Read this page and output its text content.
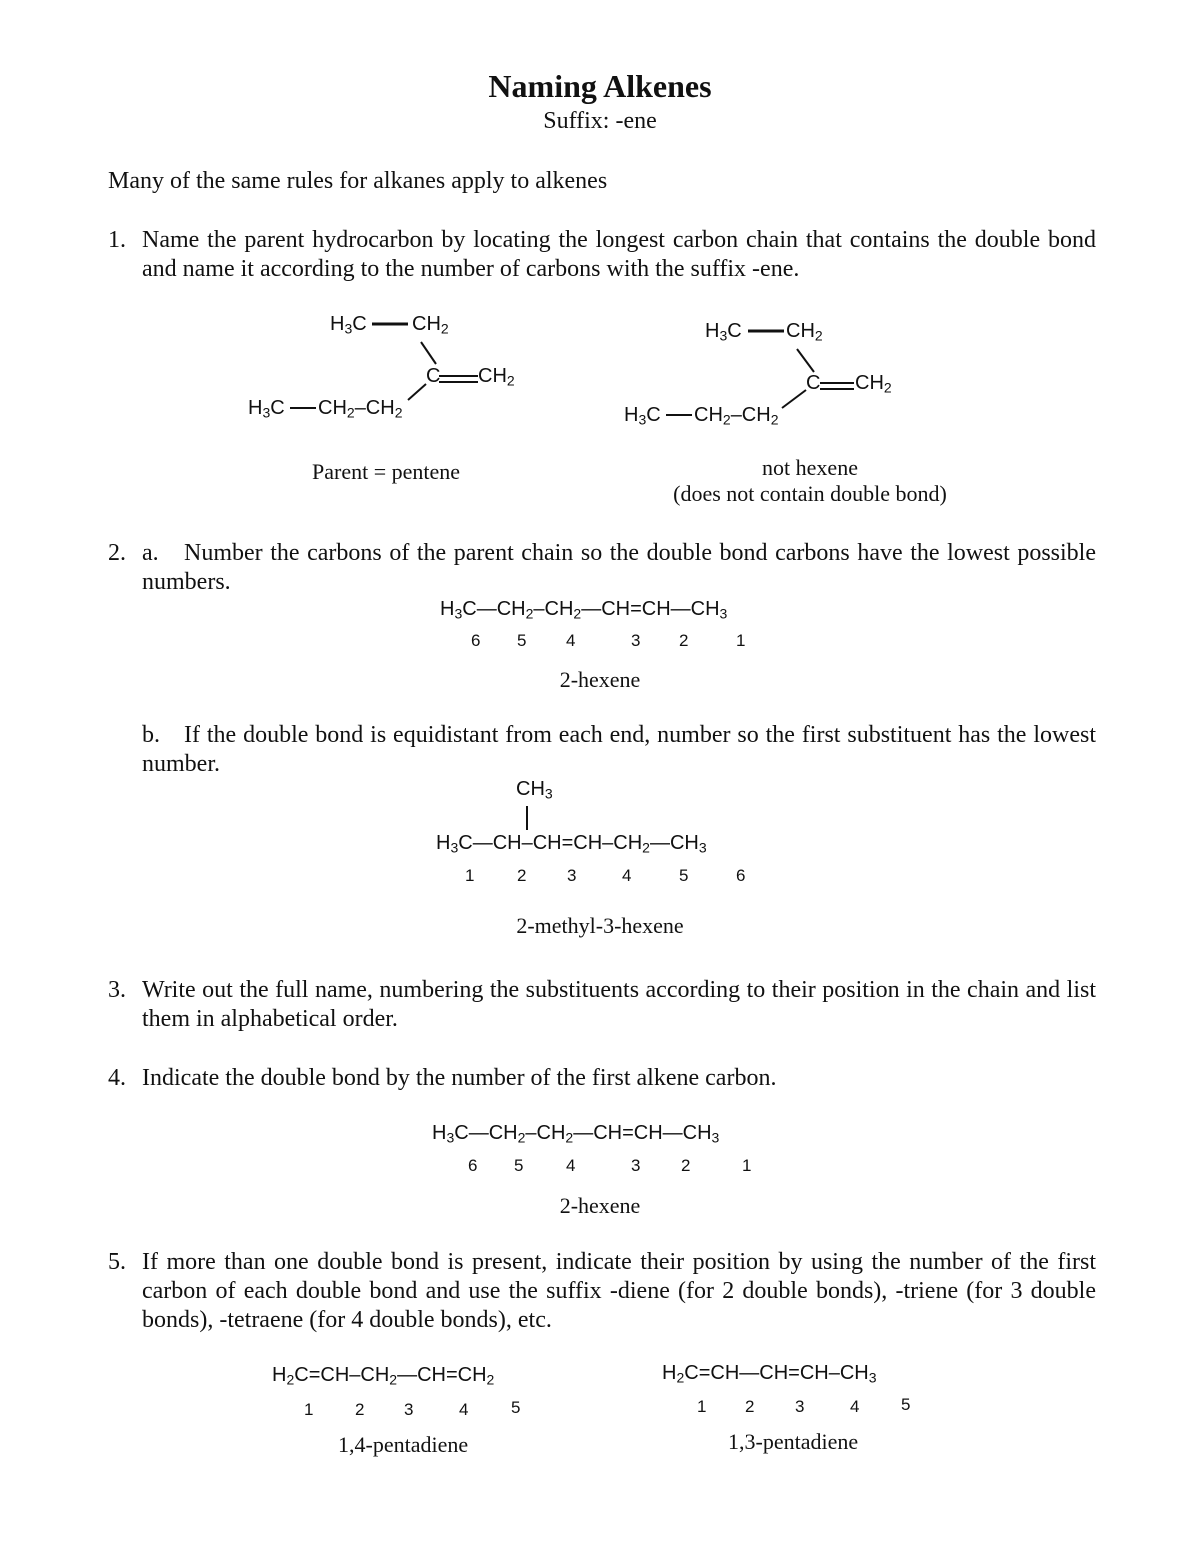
Naming Alkenes
Suffix: -ene
Many of the same rules for alkanes apply to alkenes
1. Name the parent hydrocarbon by locating the longest carbon chain that contains the double bond and name it according to the number of carbons with the suffix -ene.
$H_3C$ $CH_2$
C $CH_2$
$H_3C$ $CH_2-CH_2$
Parent = pentene
$H_3C$ $CH_2$
C $CH_2$
$H_3C$ $CH_2-CH_2$
not hexene
(does not contain double bond)
2. a.	Number the carbons of the parent chain so the double bond carbons have the lowest possible numbers.
$H_3C—CH_2-CH_2—CH=CH—CH_3$
6 5 4	3 2	1
2-hexene
b.	If the double bond is equidistant from each end, number so the first substituent has the lowest number.
$CH_3$
$H_3C—CH-CH=CH-CH_2—CH_3$
1	2 3	4	5	6
2-methyl-3-hexene
3. Write out the full name, numbering the substituents according to their position in the chain and list them in alphabetical order.
4. Indicate the double bond by the number of the first alkene carbon.
$H_3C—CH_2-CH_2—CH=CH—CH_3$
6 5	4	3 2	1
2-hexene
5. If more than one double bond is present, indicate their position by using the number of the first carbon of each double bond and use the suffix -diene (for 2 double bonds), -triene (for 3 double bonds), -tetraene (for 4 double bonds), etc.
$H_2C=CH-CH_2—CH=CH_2$
1 2 3	4	5
1,4-pentadiene
$H_2C=CH—CH=CH-CH_3$
1 2 3	4 5
1,3-pentadiene
